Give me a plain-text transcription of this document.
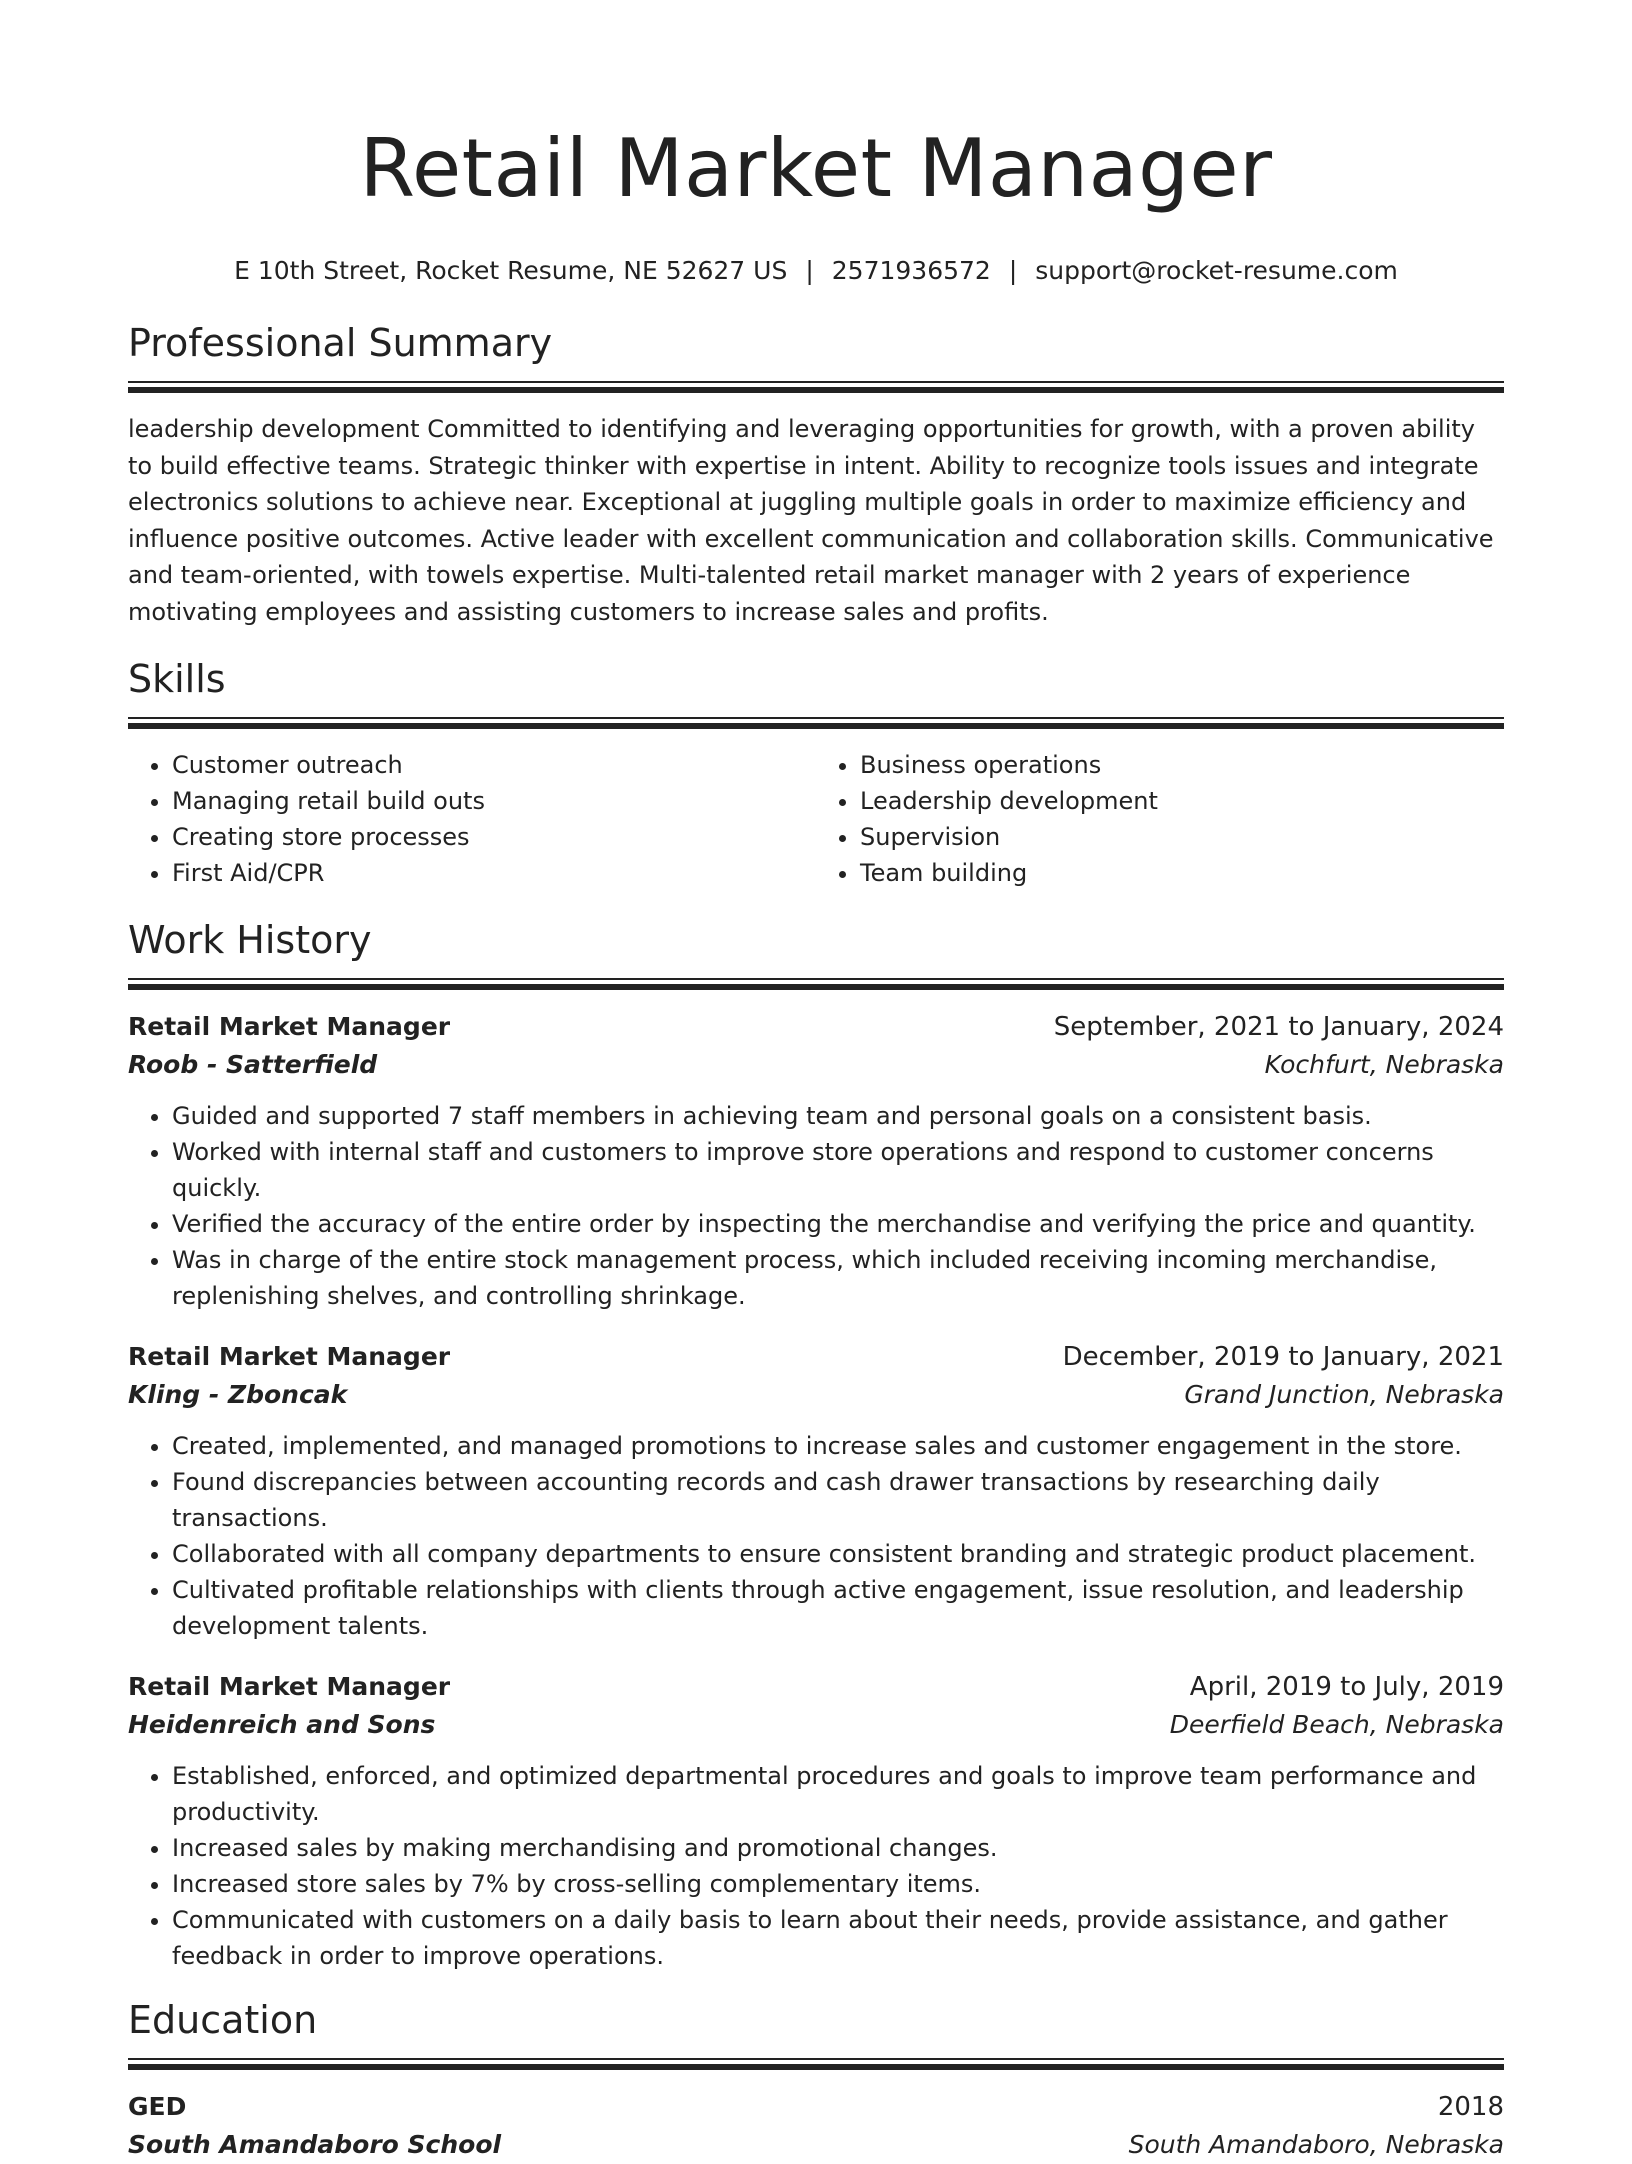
Retail Market Manager
E 10th Street, Rocket Resume, NE 52627 US | 2571936572 | support@rocket-resume.com
Professional Summary

leadership development Committed to identifying and leveraging opportunities for growth, with a proven ability to build effective teams. Strategic thinker with expertise in intent. Ability to recognize tools issues and integrate electronics solutions to achieve near. Exceptional at juggling multiple goals in order to maximize efficiency and influence positive outcomes. Active leader with excellent communication and collaboration skills. Communicative and team-oriented, with towels expertise. Multi-talented retail market manager with 2 years of experience motivating employees and assisting customers to increase sales and profits.

Skills
• Customer outreach
• Managing retail build outs
• Creating store processes
• First Aid/CPR
• Business operations
• Leadership development
• Supervision
• Team building
Work History
Retail Market Manager	September, 2021 to January, 2024
Roob - Satterfield	Kochfurt, Nebraska
• Guided and supported 7 staff members in achieving team and personal goals on a consistent basis.
• Worked with internal staff and customers to improve store operations and respond to customer concerns quickly.
• Verified the accuracy of the entire order by inspecting the merchandise and verifying the price and quantity.
• Was in charge of the entire stock management process, which included receiving incoming merchandise, replenishing shelves, and controlling shrinkage.
Retail Market Manager	December, 2019 to January, 2021
Kling - Zboncak	Grand Junction, Nebraska
• Created, implemented, and managed promotions to increase sales and customer engagement in the store.
• Found discrepancies between accounting records and cash drawer transactions by researching daily transactions.
• Collaborated with all company departments to ensure consistent branding and strategic product placement.
• Cultivated profitable relationships with clients through active engagement, issue resolution, and leadership development talents.
Retail Market Manager	April, 2019 to July, 2019
Heidenreich and Sons	Deerfield Beach, Nebraska
• Established, enforced, and optimized departmental procedures and goals to improve team performance and productivity.
• Increased sales by making merchandising and promotional changes.
• Increased store sales by 7% by cross-selling complementary items.
• Communicated with customers on a daily basis to learn about their needs, provide assistance, and gather feedback in order to improve operations.
Education
GED	2018
South Amandaboro School	South Amandaboro, Nebraska
